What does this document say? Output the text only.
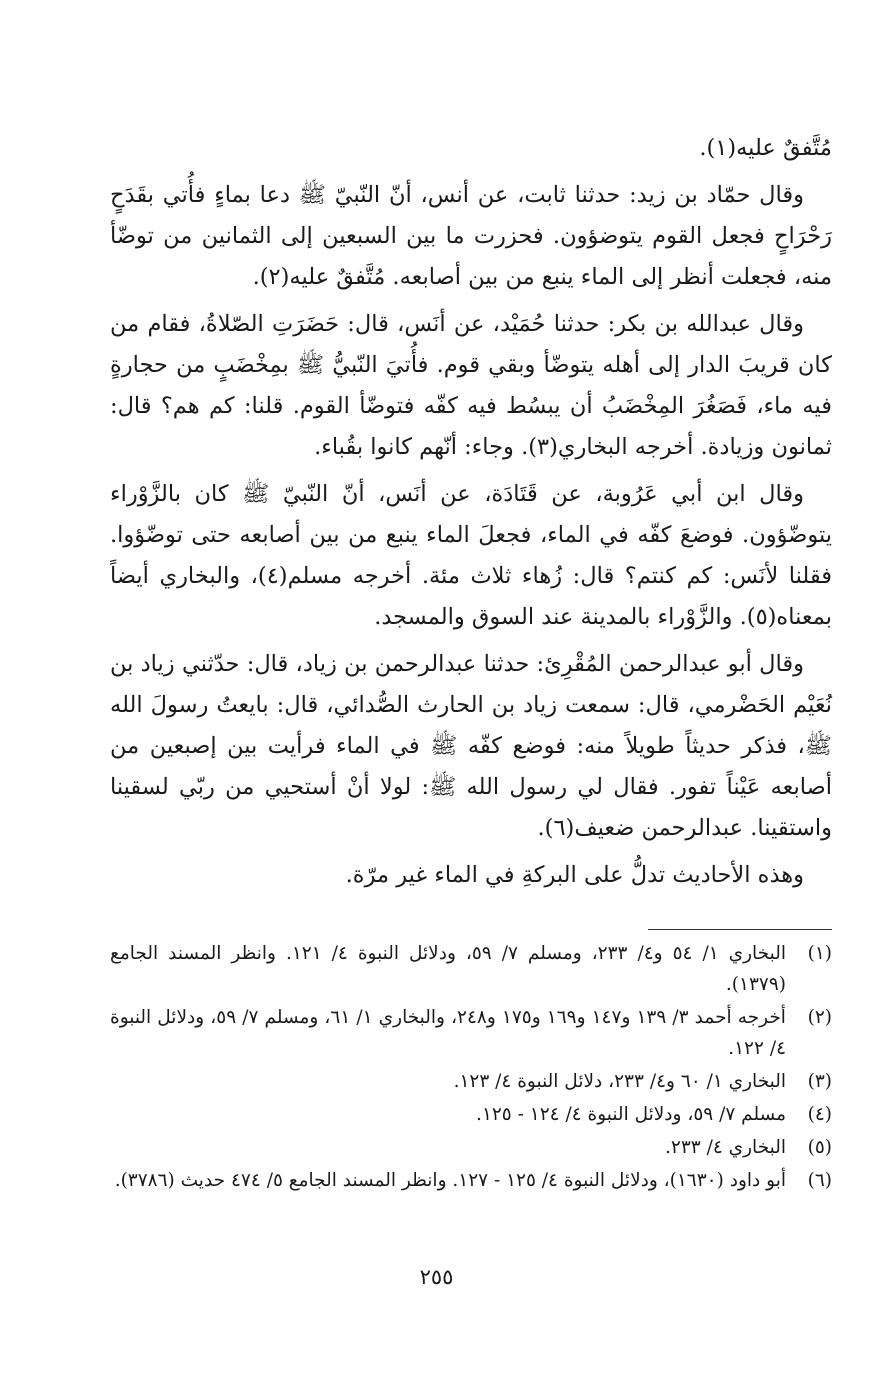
مُتَّفقٌ عليه(١).

وقال حمّاد بن زيد: حدثنا ثابت، عن أنس، أنّ النّبيّ ﷺ دعا بماءٍ فأُتي بقَدَحٍ رَحْرَاحٍ فجعل القوم يتوضؤون. فحزرت ما بين السبعين إلى الثمانين من توضّأ منه، فجعلت أنظر إلى الماء ينبع من بين أصابعه. مُتَّفقٌ عليه(٢).

وقال عبدالله بن بكر: حدثنا حُمَيْد، عن أنَس، قال: حَضَرَتِ الصّلاةُ، فقام من كان قريبَ الدار إلى أهله يتوضّأ وبقي قوم. فأُتيَ النّبيُّ ﷺ بمِخْضَبٍ من حجارةٍ فيه ماء، فَصَغُرَ المِخْضَبُ أن يبسُط فيه كفّه فتوضّأ القوم. قلنا: كم هم؟ قال: ثمانون وزيادة. أخرجه البخاري(٣). وجاء: أنّهم كانوا بقُباء.

وقال ابن أبي عَرُوبة، عن قَتَادَة، عن أنَس، أنّ النّبيّ ﷺ كان بالزَّوْراء يتوضّؤون. فوضعَ كفّه في الماء، فجعلَ الماء ينبع من بين أصابعه حتى توضّؤوا. فقلنا لأنَس: كم كنتم؟ قال: زُهاء ثلاث مئة. أخرجه مسلم(٤)، والبخاري أيضاً بمعناه(٥). والزَّوْراء بالمدينة عند السوق والمسجد.

وقال أبو عبدالرحمن المُقْرِئ: حدثنا عبدالرحمن بن زياد، قال: حدّثني زياد بن نُعَيْم الحَضْرمي، قال: سمعت زياد بن الحارث الصُّدائي، قال: بايعتُ رسولَ الله ﷺ، فذكر حديثاً طويلاً منه: فوضع كفّه ﷺ في الماء فرأيت بين إصبعين من أصابعه عَيْناً تفور. فقال لي رسول الله ﷺ: لولا أنْ أستحيي من ربّي لسقينا واستقينا. عبدالرحمن ضعيف(٦).

وهذه الأحاديث تدلُّ على البركةِ في الماء غير مرّة.

(١)
البخاري ١/ ٥٤ و٤/ ٢٣٣، ومسلم ٧/ ٥٩، ودلائل النبوة ٤/ ١٢١. وانظر المسند الجامع (١٣٧٩).
(٢)
أخرجه أحمد ٣/ ١٣٩ و١٤٧ و١٦٩ و١٧٥ و٢٤٨، والبخاري ١/ ٦١، ومسلم ٧/ ٥٩، ودلائل النبوة ٤/ ١٢٢.
(٣)
البخاري ١/ ٦٠ و٤/ ٢٣٣، دلائل النبوة ٤/ ١٢٣.
(٤)
مسلم ٧/ ٥٩، ودلائل النبوة ٤/ ١٢٤ - ١٢٥.
(٥)
البخاري ٤/ ٢٣٣.
(٦)
أبو داود (١٦٣٠)، ودلائل النبوة ٤/ ١٢٥ - ١٢٧. وانظر المسند الجامع ٥/ ٤٧٤ حديث (٣٧٨٦).
٢٥٥
